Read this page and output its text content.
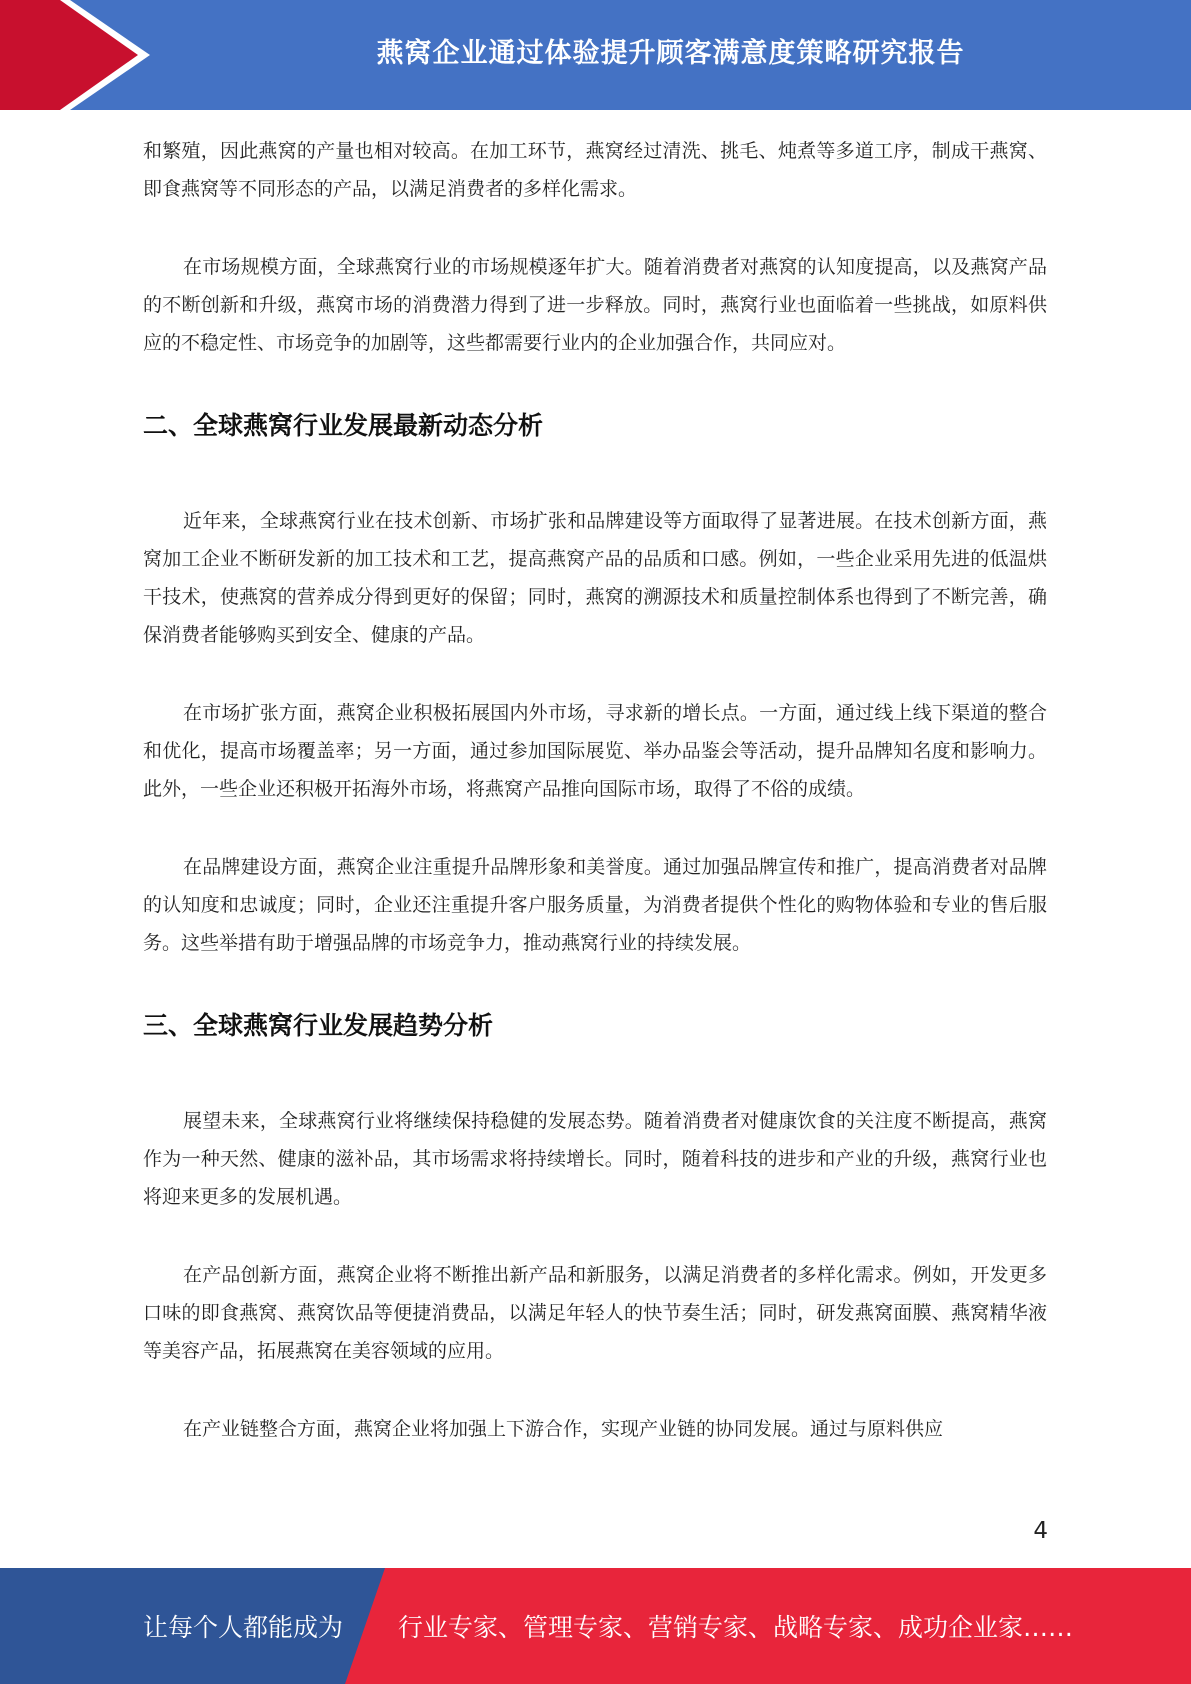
燕窝企业通过体验提升顾客满意度策略研究报告

和繁殖，因此燕窝的产量也相对较高。在加工环节，燕窝经过清洗、挑毛、炖煮等多道工序，制成干燕窝、即食燕窝等不同形态的产品，以满足消费者的多样化需求。

在市场规模方面，全球燕窝行业的市场规模逐年扩大。随着消费者对燕窝的认知度提高，以及燕窝产品的不断创新和升级，燕窝市场的消费潜力得到了进一步释放。同时，燕窝行业也面临着一些挑战，如原料供应的不稳定性、市场竞争的加剧等，这些都需要行业内的企业加强合作，共同应对。

二、全球燕窝行业发展最新动态分析

近年来，全球燕窝行业在技术创新、市场扩张和品牌建设等方面取得了显著进展。在技术创新方面，燕窝加工企业不断研发新的加工技术和工艺，提高燕窝产品的品质和口感。例如，一些企业采用先进的低温烘干技术，使燕窝的营养成分得到更好的保留；同时，燕窝的溯源技术和质量控制体系也得到了不断完善，确保消费者能够购买到安全、健康的产品。

在市场扩张方面，燕窝企业积极拓展国内外市场，寻求新的增长点。一方面，通过线上线下渠道的整合和优化，提高市场覆盖率；另一方面，通过参加国际展览、举办品鉴会等活动，提升品牌知名度和影响力。此外，一些企业还积极开拓海外市场，将燕窝产品推向国际市场，取得了不俗的成绩。

在品牌建设方面，燕窝企业注重提升品牌形象和美誉度。通过加强品牌宣传和推广，提高消费者对品牌的认知度和忠诚度；同时，企业还注重提升客户服务质量，为消费者提供个性化的购物体验和专业的售后服务。这些举措有助于增强品牌的市场竞争力，推动燕窝行业的持续发展。

三、全球燕窝行业发展趋势分析

展望未来，全球燕窝行业将继续保持稳健的发展态势。随着消费者对健康饮食的关注度不断提高，燕窝作为一种天然、健康的滋补品，其市场需求将持续增长。同时，随着科技的进步和产业的升级，燕窝行业也将迎来更多的发展机遇。

在产品创新方面，燕窝企业将不断推出新产品和新服务，以满足消费者的多样化需求。例如，开发更多口味的即食燕窝、燕窝饮品等便捷消费品，以满足年轻人的快节奏生活；同时，研发燕窝面膜、燕窝精华液等美容产品，拓展燕窝在美容领域的应用。

在产业链整合方面，燕窝企业将加强上下游合作，实现产业链的协同发展。通过与原料供应

4
让每个人都能成为 行业专家、管理专家、营销专家、战略专家、成功企业家……
